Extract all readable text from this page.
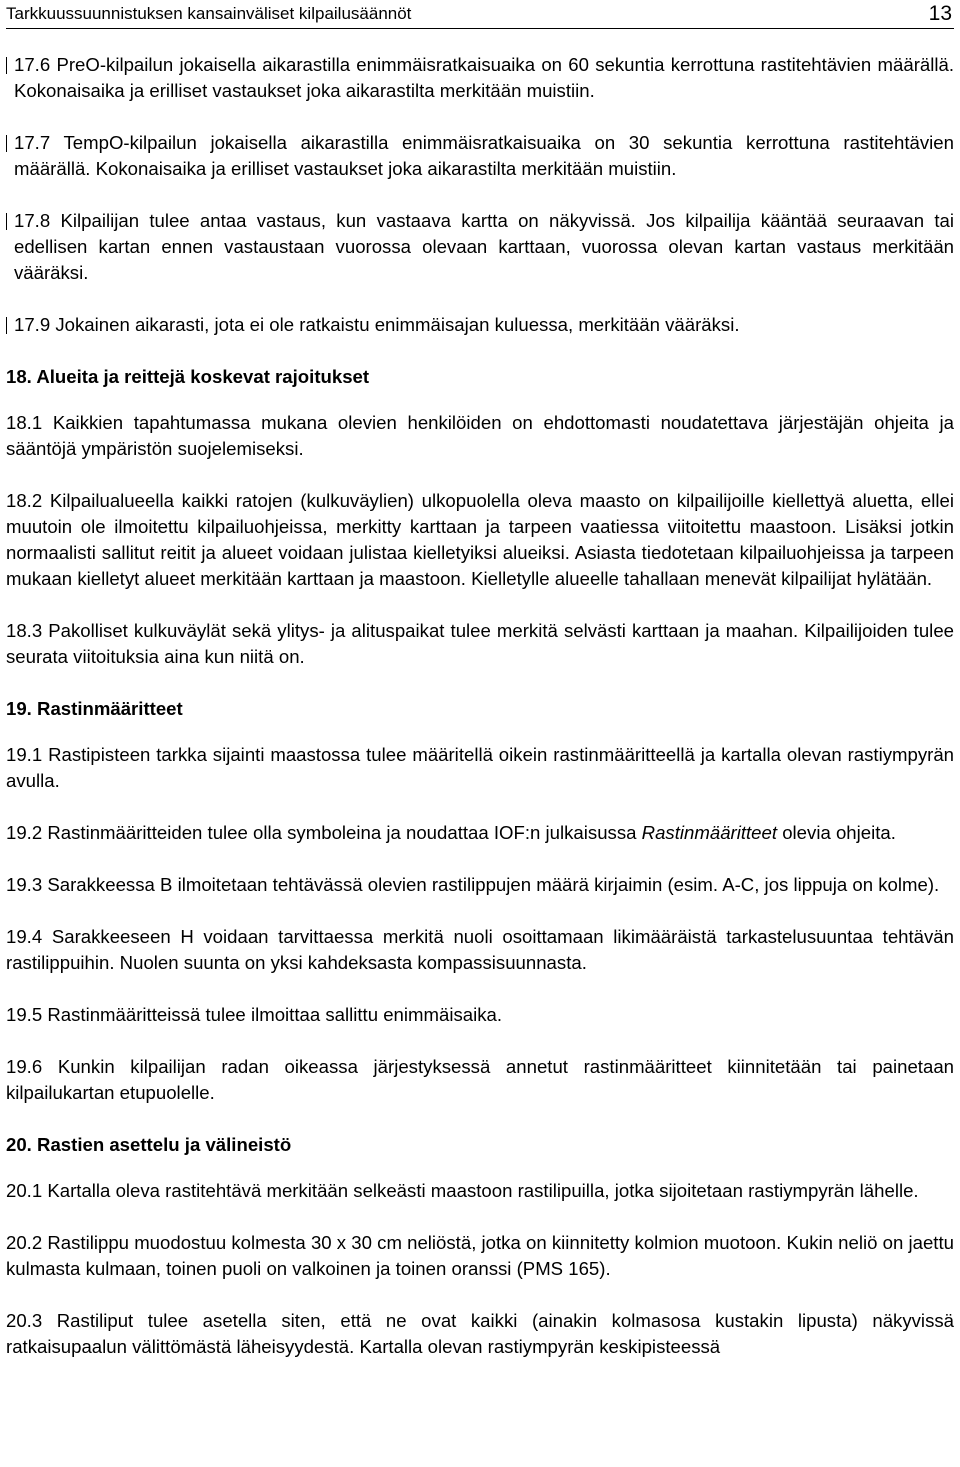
Tarkkuussuunnistuksen kansainväliset kilpailusäännöt	13

17.6 PreO-kilpailun jokaisella aikarastilla enimmäisratkaisuaika on 60 sekuntia kerrottuna rastitehtävien määrällä. Kokonaisaika ja erilliset vastaukset joka aikarastilta merkitään muistiin.

17.7 TempO-kilpailun jokaisella aikarastilla enimmäisratkaisuaika on 30 sekuntia kerrottuna rastitehtävien määrällä. Kokonaisaika ja erilliset vastaukset joka aikarastilta merkitään muistiin.

17.8 Kilpailijan tulee antaa vastaus, kun vastaava kartta on näkyvissä. Jos kilpailija kääntää seuraavan tai edellisen kartan ennen vastaustaan vuorossa olevaan karttaan, vuorossa olevan kartan vastaus merkitään vääräksi.

17.9 Jokainen aikarasti, jota ei ole ratkaistu enimmäisajan kuluessa, merkitään vääräksi.

18. Alueita ja reittejä koskevat rajoitukset

18.1 Kaikkien tapahtumassa mukana olevien henkilöiden on ehdottomasti noudatettava järjestäjän ohjeita ja sääntöjä ympäristön suojelemiseksi.

18.2 Kilpailualueella kaikki ratojen (kulkuväylien) ulkopuolella oleva maasto on kilpailijoille kiellettyä aluetta, ellei muutoin ole ilmoitettu kilpailuohjeissa, merkitty karttaan ja tarpeen vaatiessa viitoitettu maastoon. Lisäksi jotkin normaalisti sallitut reitit ja alueet voidaan julistaa kielletyiksi alueiksi. Asiasta tiedotetaan kilpailuohjeissa ja tarpeen mukaan kielletyt alueet merkitään karttaan ja maastoon. Kielletylle alueelle tahallaan menevät kilpailijat hylätään.

18.3 Pakolliset kulkuväylät sekä ylitys- ja alituspaikat tulee merkitä selvästi karttaan ja maahan. Kilpailijoiden tulee seurata viitoituksia aina kun niitä on.

19. Rastinmääritteet

19.1 Rastipisteen tarkka sijainti maastossa tulee määritellä oikein rastinmääritteellä ja kartalla olevan rastiympyrän avulla.

19.2 Rastinmääritteiden tulee olla symboleina ja noudattaa IOF:n julkaisussa Rastinmääritteet olevia ohjeita.

19.3 Sarakkeessa B ilmoitetaan tehtävässä olevien rastilippujen määrä kirjaimin (esim. A-C, jos lippuja on kolme).

19.4 Sarakkeeseen H voidaan tarvittaessa merkitä nuoli osoittamaan likimääräistä tarkastelusuuntaa tehtävän rastilippuihin. Nuolen suunta on yksi kahdeksasta kompassisuunnasta.

19.5 Rastinmääritteissä tulee ilmoittaa sallittu enimmäisaika.

19.6 Kunkin kilpailijan radan oikeassa järjestyksessä annetut rastinmääritteet kiinnitetään tai painetaan kilpailukartan etupuolelle.

20. Rastien asettelu ja välineistö

20.1 Kartalla oleva rastitehtävä merkitään selkeästi maastoon rastilipuilla, jotka sijoitetaan rastiympyrän lähelle.

20.2 Rastilippu muodostuu kolmesta 30 x 30 cm neliöstä, jotka on kiinnitetty kolmion muotoon. Kukin neliö on jaettu kulmasta kulmaan, toinen puoli on valkoinen ja toinen oranssi (PMS 165).

20.3 Rastiliput tulee asetella siten, että ne ovat kaikki (ainakin kolmasosa kustakin lipusta) näkyvissä ratkaisupaalun välittömästä läheisyydestä. Kartalla olevan rastiympyrän keskipisteessä
